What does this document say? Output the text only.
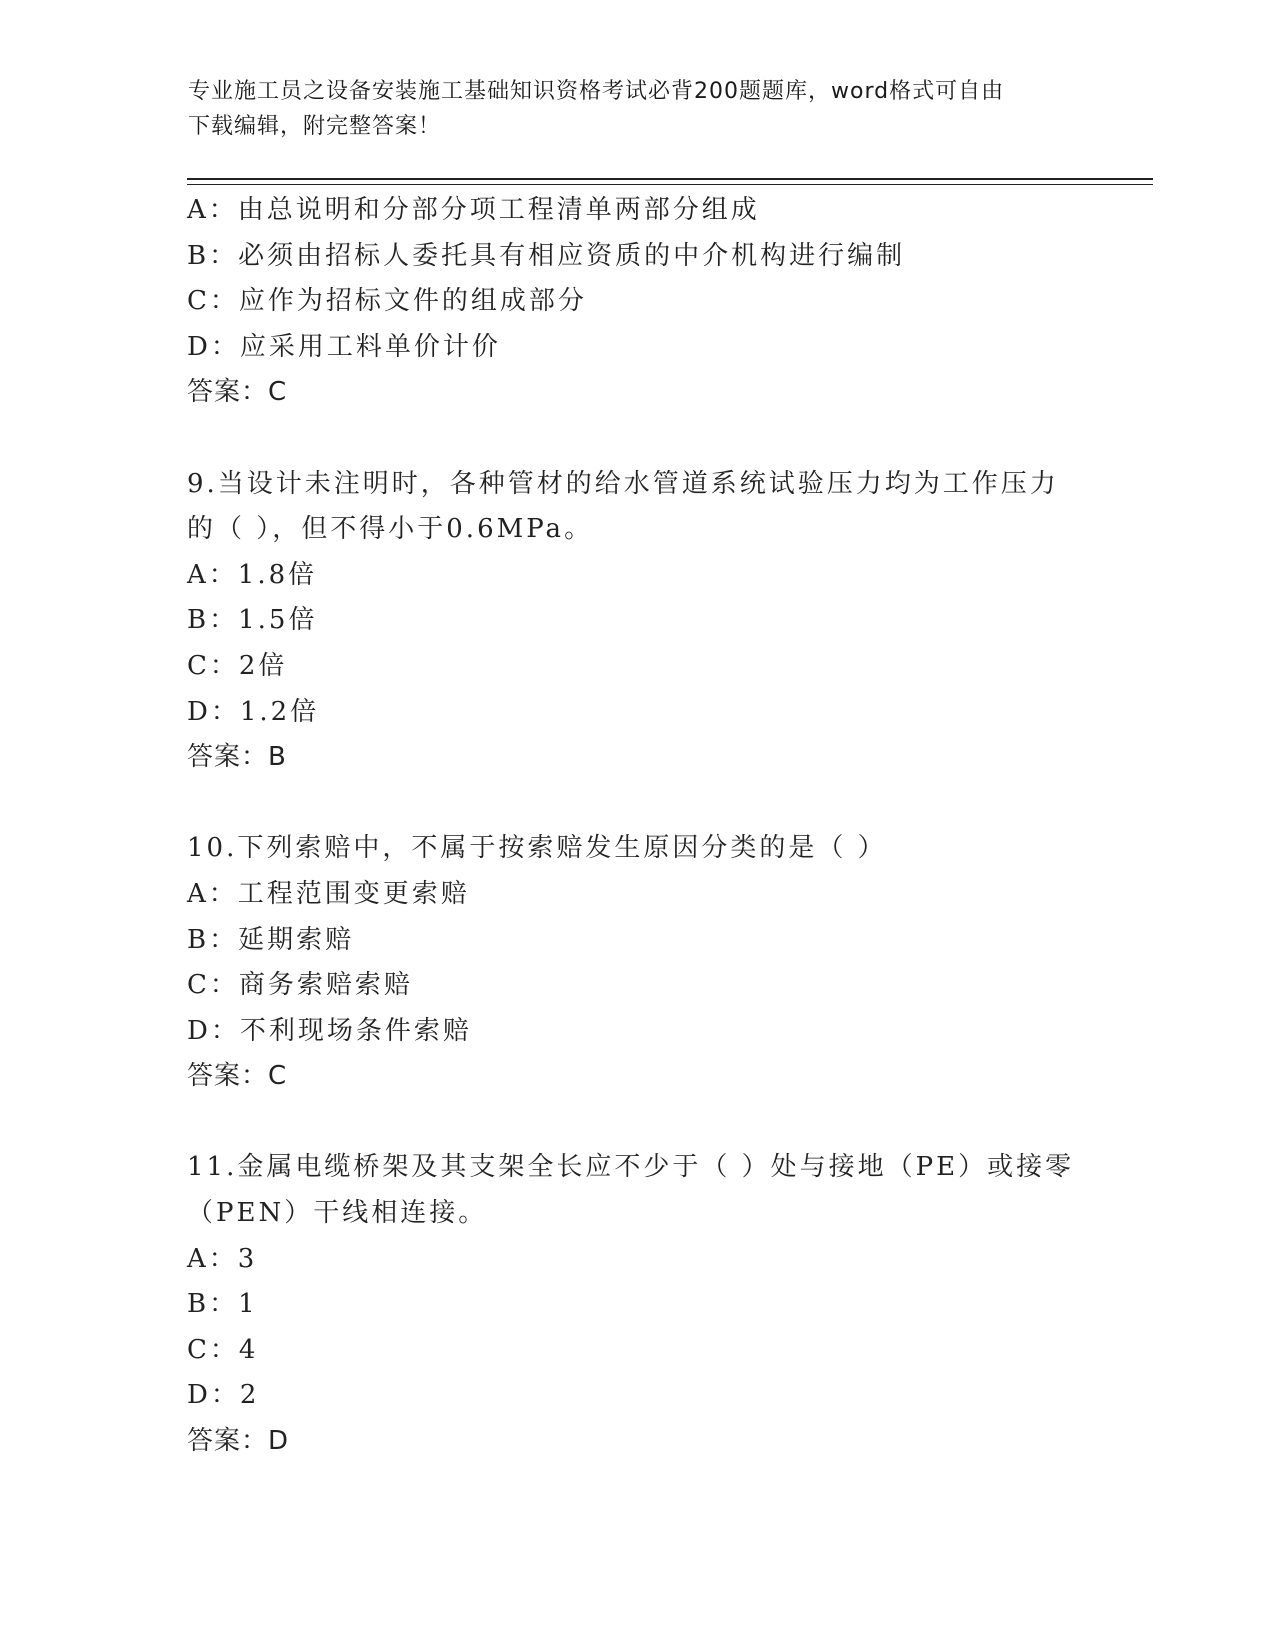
专业施工员之设备安装施工基础知识资格考试必背200题题库，word格式可自由
下载编辑，附完整答案！
A：由总说明和分部分项工程清单两部分组成
B：必须由招标人委托具有相应资质的中介机构进行编制
C：应作为招标文件的组成部分
D：应采用工料单价计价
答案：C
9.当设计未注明时，各种管材的给水管道系统试验压力均为工作压力
的（ ），但不得小于0.6MPa。
A：1.8倍
B：1.5倍
C：2倍
D：1.2倍
答案：B
10.下列索赔中，不属于按索赔发生原因分类的是（ ）
A：工程范围变更索赔
B：延期索赔
C：商务索赔索赔
D：不利现场条件索赔
答案：C
11.金属电缆桥架及其支架全长应不少于（ ）处与接地（PE）或接零
（PEN）干线相连接。
A：3
B：1
C：4
D：2
答案：D
